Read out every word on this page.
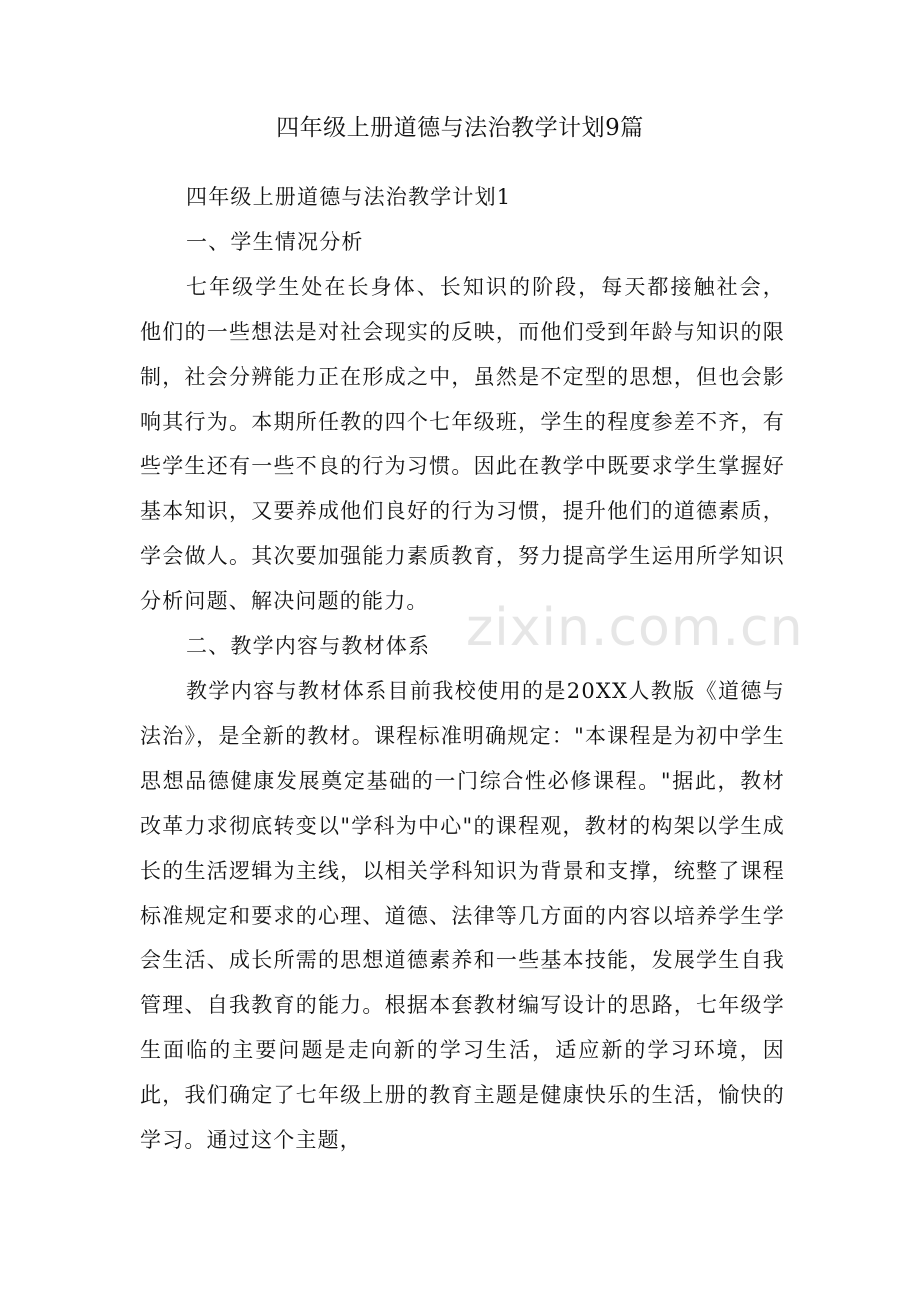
四年级上册道德与法治教学计划9篇

四年级上册道德与法治教学计划1

一、学生情况分析

七年级学生处在长身体、长知识的阶段，每天都接触社会，他们的一些想法是对社会现实的反映，而他们受到年龄与知识的限制，社会分辨能力正在形成之中，虽然是不定型的思想，但也会影响其行为。本期所任教的四个七年级班，学生的程度参差不齐，有些学生还有一些不良的行为习惯。因此在教学中既要求学生掌握好基本知识，又要养成他们良好的行为习惯，提升他们的道德素质，学会做人。其次要加强能力素质教育，努力提高学生运用所学知识分析问题、解决问题的能力。

二、教学内容与教材体系

教学内容与教材体系目前我校使用的是20XX人教版《道德与法治》，是全新的教材。课程标准明确规定："本课程是为初中学生思想品德健康发展奠定基础的一门综合性必修课程。"据此，教材改革力求彻底转变以"学科为中心"的课程观，教材的构架以学生成长的生活逻辑为主线，以相关学科知识为背景和支撑，统整了课程标准规定和要求的心理、道德、法律等几方面的内容以培养学生学会生活、成长所需的思想道德素养和一些基本技能，发展学生自我管理、自我教育的能力。根据本套教材编写设计的思路，七年级学生面临的主要问题是走向新的学习生活，适应新的学习环境，因此，我们确定了七年级上册的教育主题是健康快乐的生活，愉快的学习。通过这个主题，

zixin.com.cn
